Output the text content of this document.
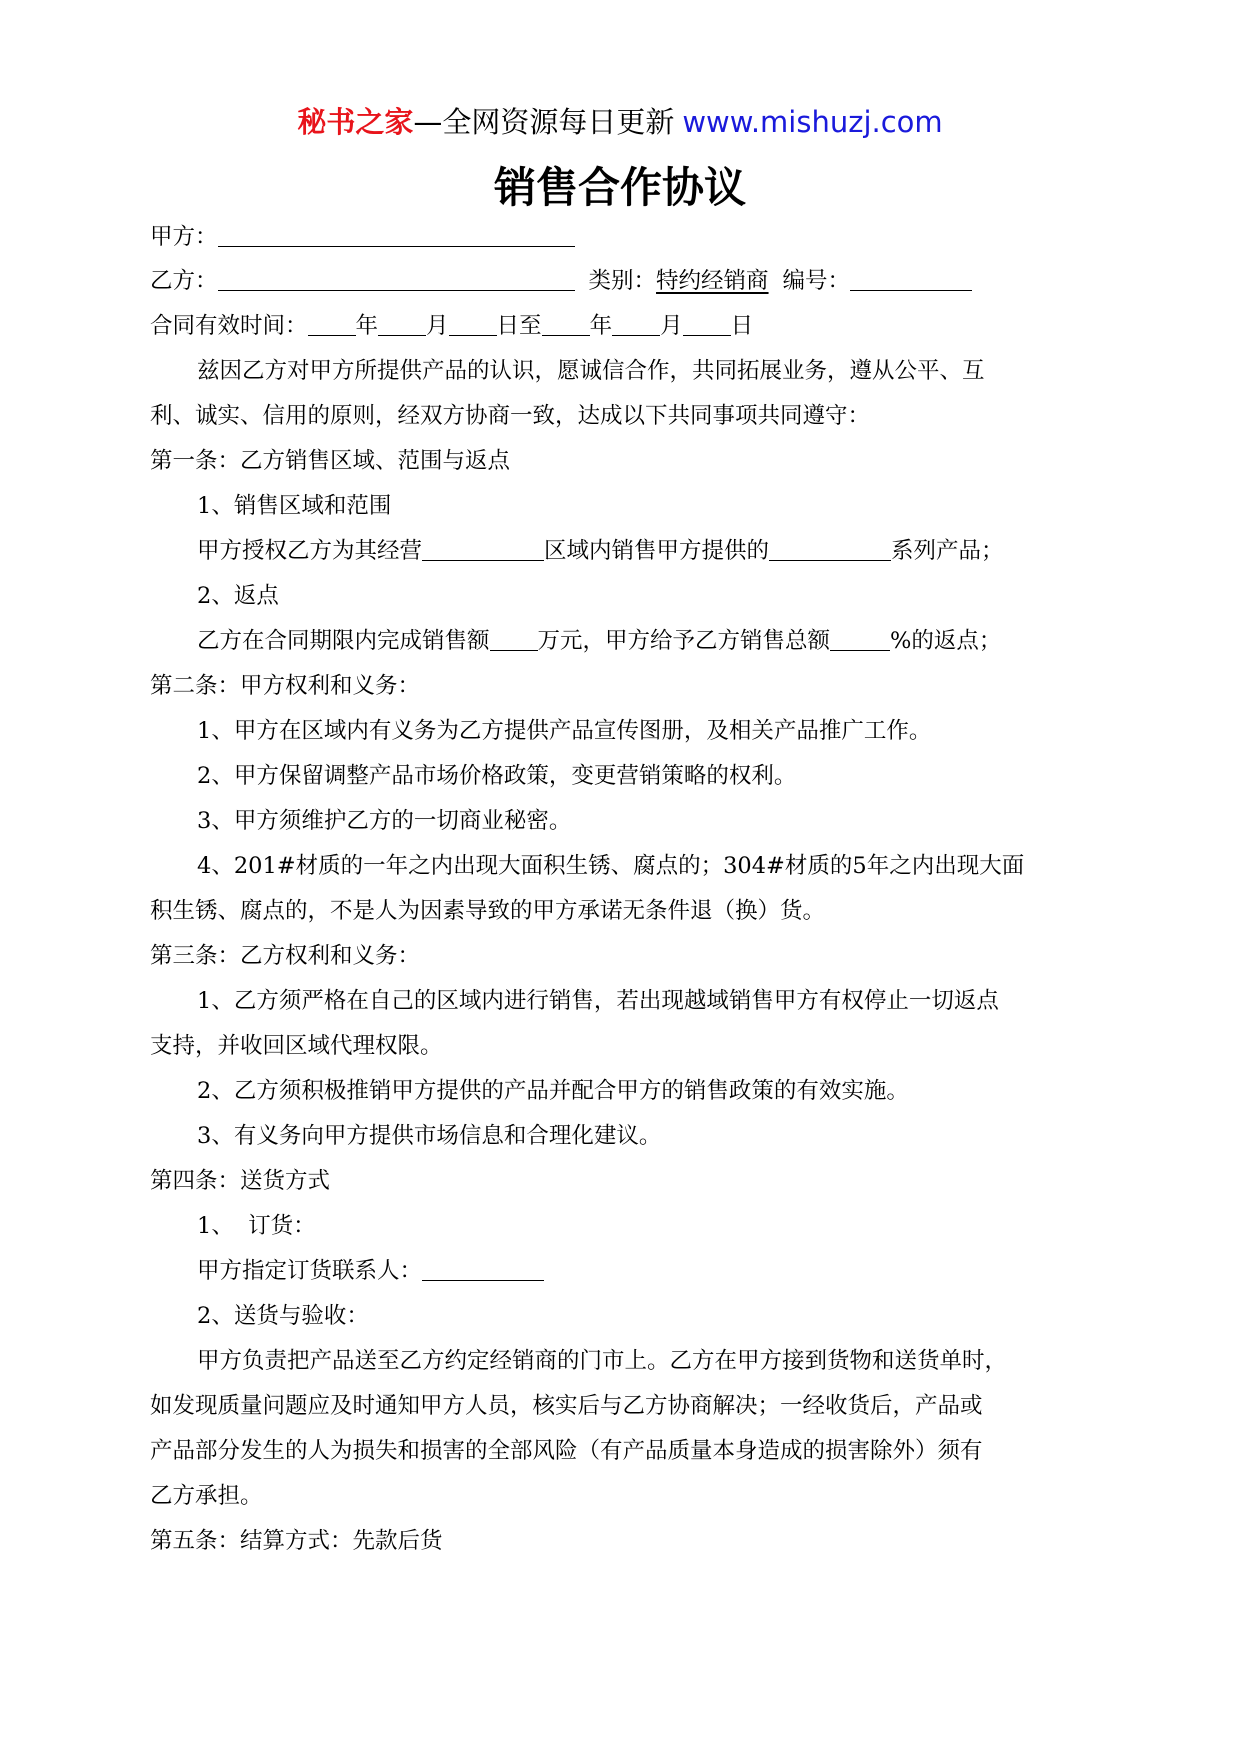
秘书之家—全网资源每日更新 www.mishuzj.com
销售合作协议
甲方：
乙方：	类别：特约经销商 编号：
合同有效时间： 年 月 日至 年 月 日
兹因乙方对甲方所提供产品的认识，愿诚信合作，共同拓展业务，遵从公平、互
利、诚实、信用的原则，经双方协商一致，达成以下共同事项共同遵守：
第一条：乙方销售区域、范围与返点
1、销售区域和范围
甲方授权乙方为其经营	区域内销售甲方提供的	系列产品；
2、返点
乙方在合同期限内完成销售额 万元，甲方给予乙方销售总额	%的返点；
第二条：甲方权利和义务：
1、甲方在区域内有义务为乙方提供产品宣传图册，及相关产品推广工作。
2、甲方保留调整产品市场价格政策，变更营销策略的权利。
3、甲方须维护乙方的一切商业秘密。
4、201#材质的一年之内出现大面积生锈、腐点的；304#材质的5年之内出现大面
积生锈、腐点的，不是人为因素导致的甲方承诺无条件退（换）货。
第三条：乙方权利和义务：
1、乙方须严格在自己的区域内进行销售，若出现越域销售甲方有权停止一切返点
支持，并收回区域代理权限。
2、乙方须积极推销甲方提供的产品并配合甲方的销售政策的有效实施。
3、有义务向甲方提供市场信息和合理化建议。
第四条：送货方式
1、  订货：
甲方指定订货联系人：
2、送货与验收：
甲方负责把产品送至乙方约定经销商的门市上。乙方在甲方接到货物和送货单时，
如发现质量问题应及时通知甲方人员，核实后与乙方协商解决；一经收货后，产品或
产品部分发生的人为损失和损害的全部风险（有产品质量本身造成的损害除外）须有
乙方承担。
第五条：结算方式：先款后货
